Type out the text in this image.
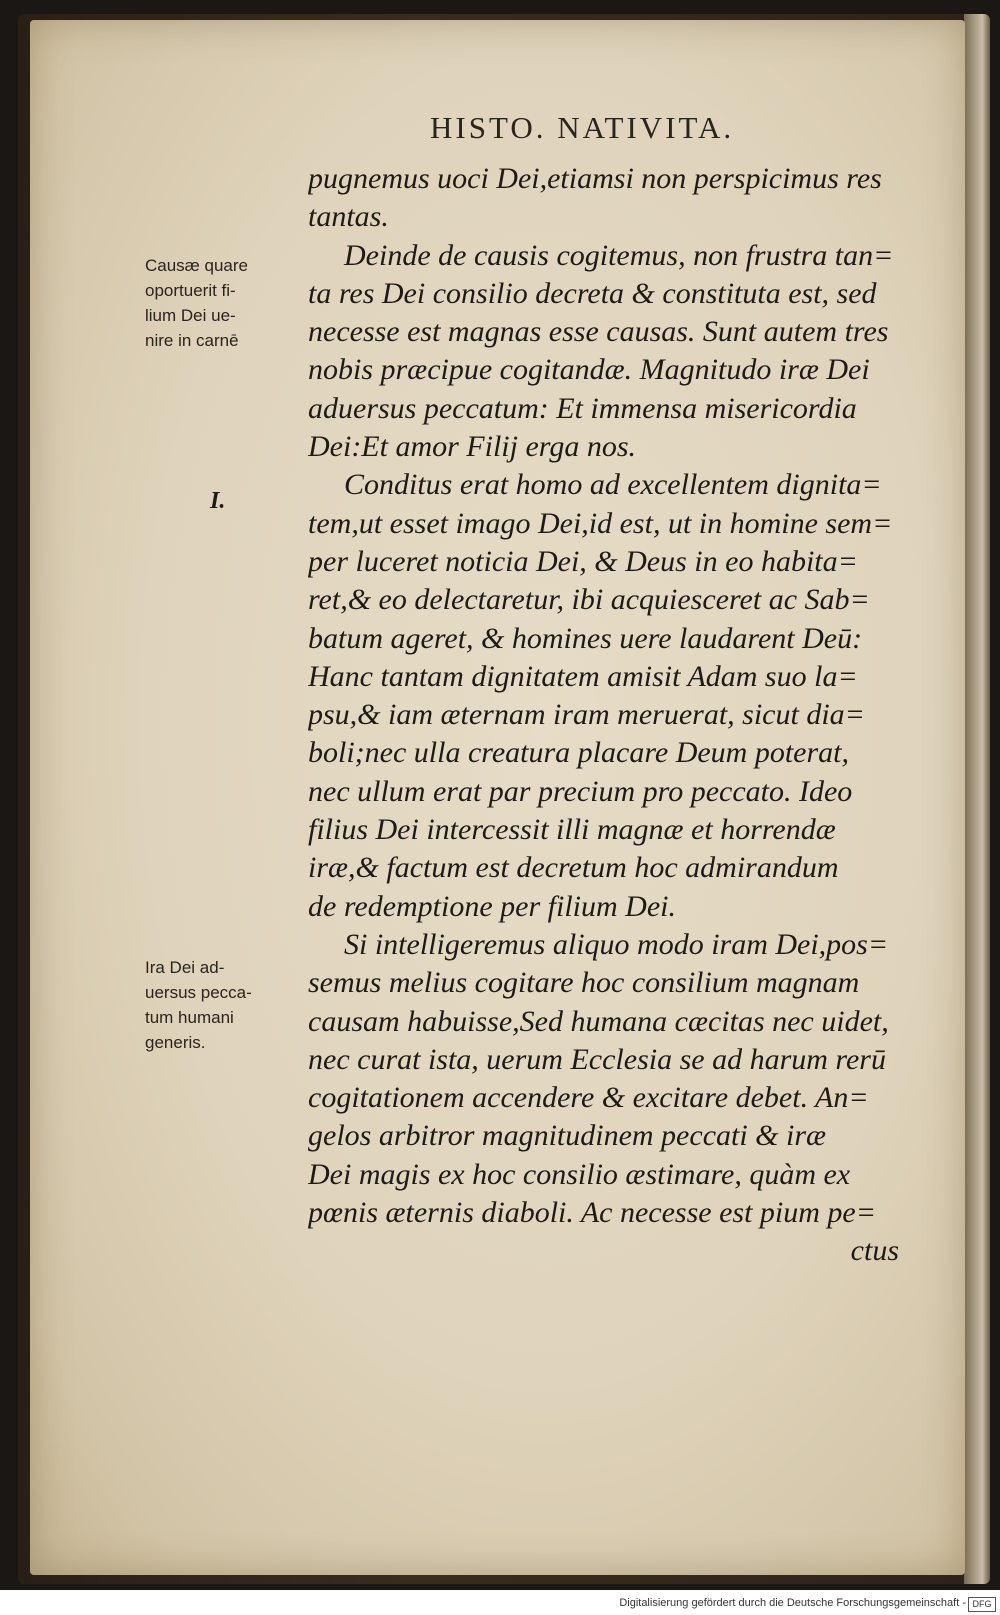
HISTO. NATIVITA.
Causæ quare
oportuerit fi-
lium Dei ue-
nire in carnē
I.
Ira Dei ad-
uersus pecca-
tum humani
generis.
pugnemus uoci Dei,etiamsi non perspicimus res
tantas.
Deinde de causis cogitemus, non frustra tan=
ta res Dei consilio decreta & constituta est, sed
necesse est magnas esse causas. Sunt autem tres
nobis præcipue cogitandæ. Magnitudo iræ Dei
aduersus peccatum: Et immensa misericordia
Dei:Et amor Filij erga nos.
Conditus erat homo ad excellentem dignita=
tem,ut esset imago Dei,id est, ut in homine sem=
per luceret noticia Dei, & Deus in eo habita=
ret,& eo delectaretur, ibi acquiesceret ac Sab=
batum ageret, & homines uere laudarent Deū:
Hanc tantam dignitatem amisit Adam suo la=
psu,& iam æternam iram meruerat, sicut dia=
boli;nec ulla creatura placare Deum poterat,
nec ullum erat par precium pro peccato. Ideo
filius Dei intercessit illi magnæ et horrendæ
iræ,& factum est decretum hoc admirandum
de redemptione per filium Dei.
Si intelligeremus aliquo modo iram Dei,pos=
semus melius cogitare hoc consilium magnam
causam habuisse,Sed humana cæcitas nec uidet,
nec curat ista, uerum Ecclesia se ad harum rerū
cogitationem accendere & excitare debet. An=
gelos arbitror magnitudinem peccati & iræ
Dei magis ex hoc consilio æstimare, quàm ex
pœnis æternis diaboli. Ac necesse est pium pe=
ctus
Digitalisierung gefördert durch die Deutsche Forschungsgemeinschaft - DFG
